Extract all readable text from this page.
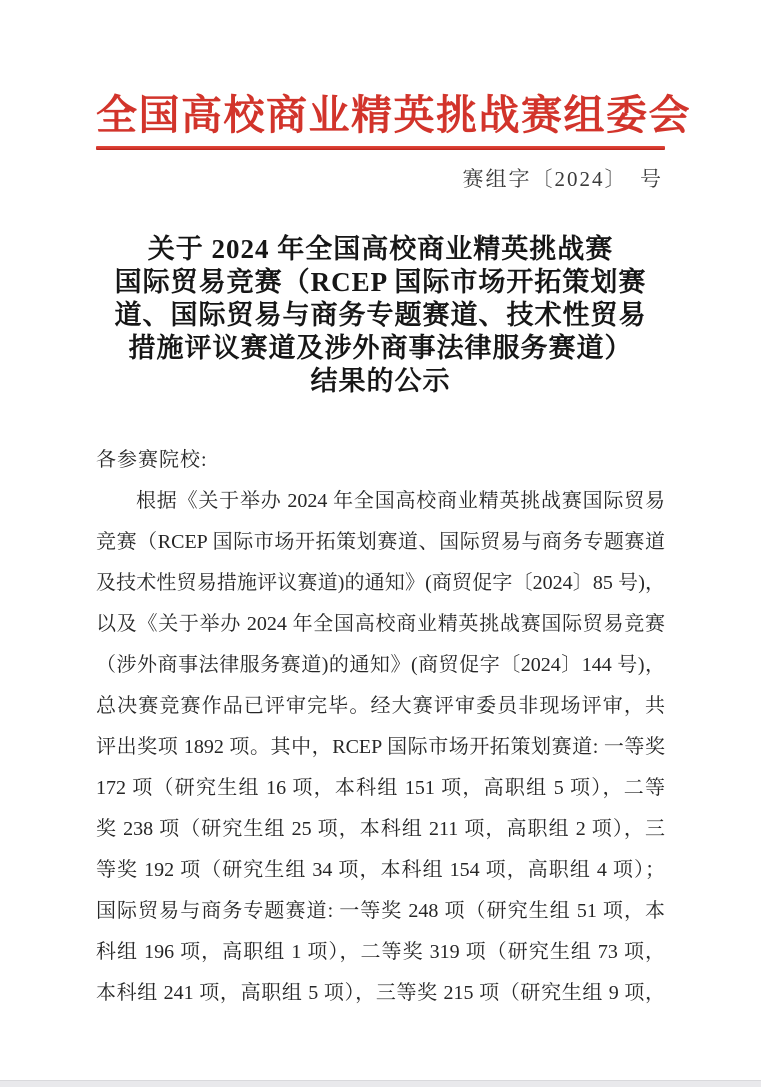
全国高校商业精英挑战赛组委会
赛组字〔2024〕　号
关于 2024 年全国高校商业精英挑战赛
国际贸易竞赛（RCEP 国际市场开拓策划赛
道、国际贸易与商务专题赛道、技术性贸易
措施评议赛道及涉外商事法律服务赛道）
结果的公示
各参赛院校:
根据《关于举办 2024 年全国高校商业精英挑战赛国际贸易
竞赛（RCEP 国际市场开拓策划赛道、国际贸易与商务专题赛道
及技术性贸易措施评议赛道)的通知》(商贸促字〔2024〕85 号)，
以及《关于举办 2024 年全国高校商业精英挑战赛国际贸易竞赛
（涉外商事法律服务赛道)的通知》(商贸促字〔2024〕144 号)，
总决赛竞赛作品已评审完毕。经大赛评审委员非现场评审，共
评出奖项 1892 项。其中，RCEP 国际市场开拓策划赛道: 一等奖
172 项（研究生组 16 项，本科组 151 项，高职组 5 项），二等
奖 238 项（研究生组 25 项，本科组 211 项，高职组 2 项），三
等奖 192 项（研究生组 34 项，本科组 154 项，高职组 4 项）；
国际贸易与商务专题赛道: 一等奖 248 项（研究生组 51 项，本
科组 196 项，高职组 1 项），二等奖 319 项（研究生组 73 项，
本科组 241 项，高职组 5 项），三等奖 215 项（研究生组 9 项，
